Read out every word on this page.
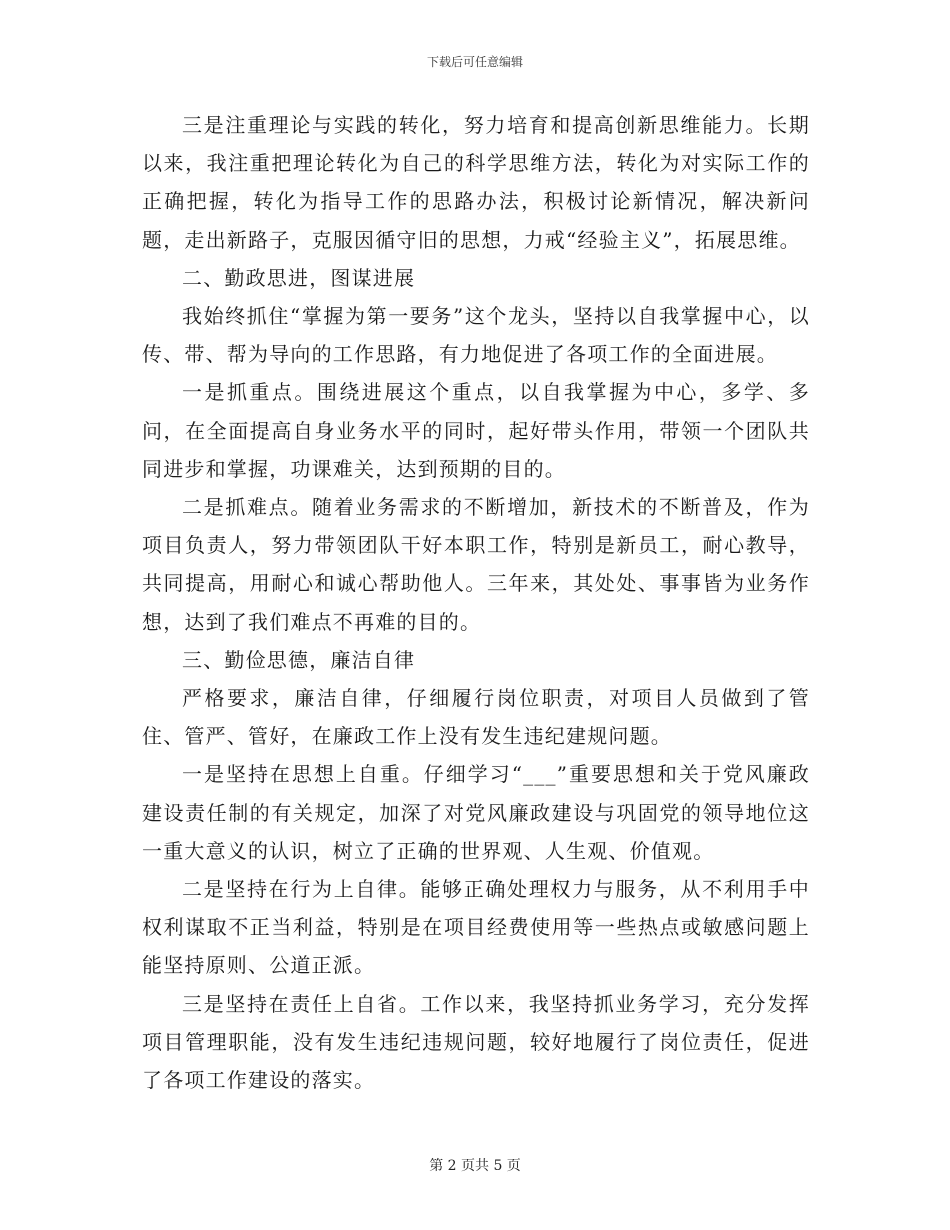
下载后可任意编辑

三是注重理论与实践的转化，努力培育和提高创新思维能力。长期以来，我注重把理论转化为自己的科学思维方法，转化为对实际工作的正确把握，转化为指导工作的思路办法，积极讨论新情况，解决新问题，走出新路子，克服因循守旧的思想，力戒“经验主义”，拓展思维。

二、勤政思进，图谋进展

我始终抓住“掌握为第一要务”这个龙头，坚持以自我掌握中心，以传、带、帮为导向的工作思路，有力地促进了各项工作的全面进展。

一是抓重点。围绕进展这个重点，以自我掌握为中心，多学、多问，在全面提高自身业务水平的同时，起好带头作用，带领一个团队共同进步和掌握，功课难关，达到预期的目的。

二是抓难点。随着业务需求的不断增加，新技术的不断普及，作为项目负责人，努力带领团队干好本职工作，特别是新员工，耐心教导，共同提高，用耐心和诚心帮助他人。三年来，其处处、事事皆为业务作想，达到了我们难点不再难的目的。

三、勤俭思德，廉洁自律

严格要求，廉洁自律，仔细履行岗位职责，对项目人员做到了管住、管严、管好，在廉政工作上没有发生违纪建规问题。

一是坚持在思想上自重。仔细学习“___”重要思想和关于党风廉政建设责任制的有关规定，加深了对党风廉政建设与巩固党的领导地位这一重大意义的认识，树立了正确的世界观、人生观、价值观。

二是坚持在行为上自律。能够正确处理权力与服务，从不利用手中权利谋取不正当利益，特别是在项目经费使用等一些热点或敏感问题上能坚持原则、公道正派。

三是坚持在责任上自省。工作以来，我坚持抓业务学习，充分发挥项目管理职能，没有发生违纪违规问题，较好地履行了岗位责任，促进了各项工作建设的落实。

第 2 页共 5 页
